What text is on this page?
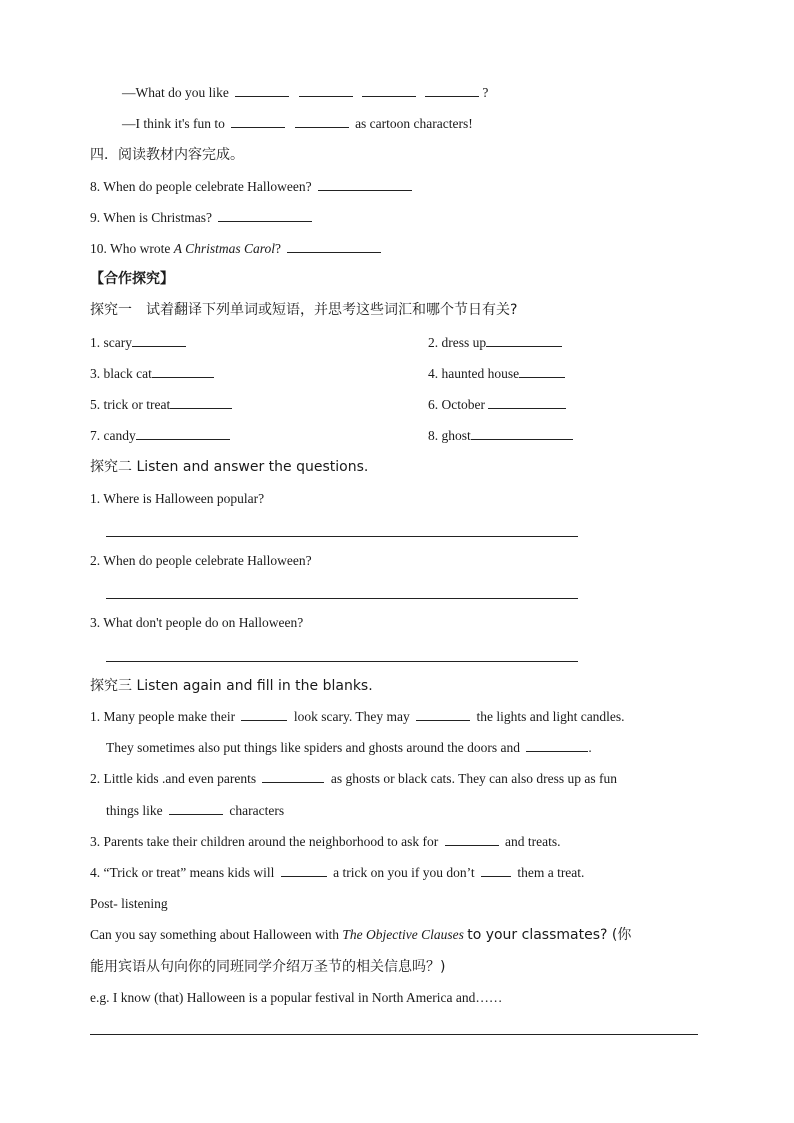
—What do you like	?
—I think it's fun to	as cartoon characters!
四．阅读教材内容完成。
8. When do people celebrate Halloween?
9. When is Christmas?
10. Who wrote A Christmas Carol?
【合作探究】
探究一　试着翻译下列单词或短语，并思考这些词汇和哪个节日有关?
1. scary	2. dress up
3. black cat	4. haunted house
5. trick or treat	6. October
7. candy	8. ghost
探究二 Listen and answer the questions.
1. Where is Halloween popular?
2. When do people celebrate Halloween?
3. What don't people do on Halloween?
探究三 Listen again and fill in the blanks.
1. Many people make their	look scary. They may	the lights and light candles.
They sometimes also put things like spiders and ghosts around the doors and	.
2. Little kids .and even parents	as ghosts or black cats. They can also dress up as fun
things like	characters
3. Parents take their children around the neighborhood to ask for	and treats.
4. “Trick or treat” means kids will	a trick on you if you don’t	them a treat.
Post- listening
Can you say something about Halloween with The Objective Clauses to your classmates? (你
能用宾语从句向你的同班同学介绍万圣节的相关信息吗？)
e.g. I know (that) Halloween is a popular festival in North America and……
